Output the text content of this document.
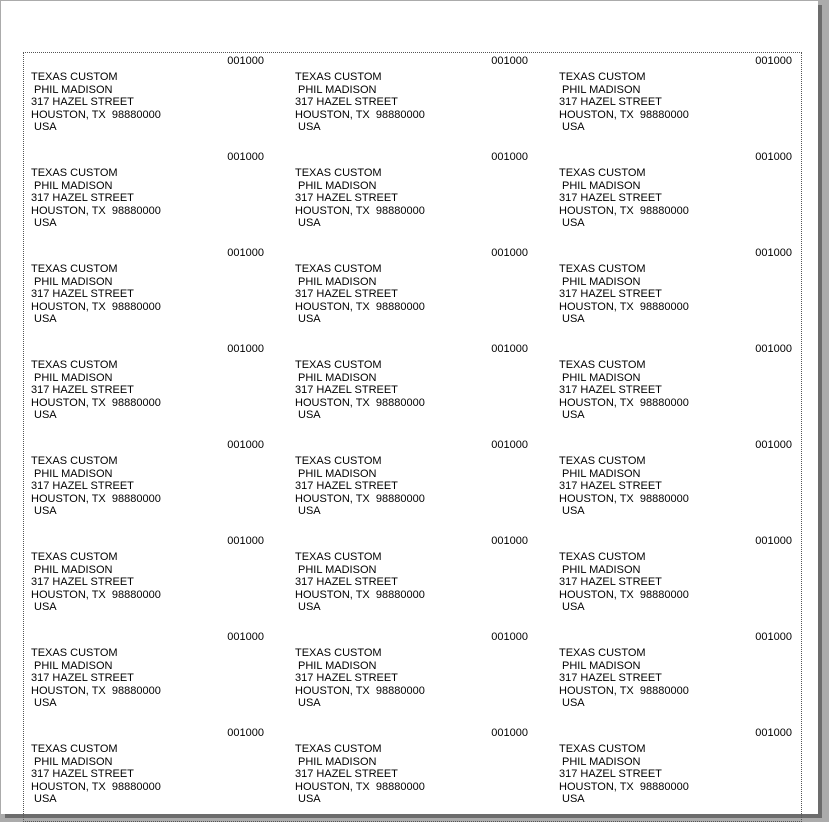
001000
TEXAS CUSTOM
PHIL MADISON
317 HAZEL STREET
HOUSTON, TX  98880000
USA
001000
TEXAS CUSTOM
PHIL MADISON
317 HAZEL STREET
HOUSTON, TX  98880000
USA
001000
TEXAS CUSTOM
PHIL MADISON
317 HAZEL STREET
HOUSTON, TX  98880000
USA
001000
TEXAS CUSTOM
PHIL MADISON
317 HAZEL STREET
HOUSTON, TX  98880000
USA
001000
TEXAS CUSTOM
PHIL MADISON
317 HAZEL STREET
HOUSTON, TX  98880000
USA
001000
TEXAS CUSTOM
PHIL MADISON
317 HAZEL STREET
HOUSTON, TX  98880000
USA
001000
TEXAS CUSTOM
PHIL MADISON
317 HAZEL STREET
HOUSTON, TX  98880000
USA
001000
TEXAS CUSTOM
PHIL MADISON
317 HAZEL STREET
HOUSTON, TX  98880000
USA
001000
TEXAS CUSTOM
PHIL MADISON
317 HAZEL STREET
HOUSTON, TX  98880000
USA
001000
TEXAS CUSTOM
PHIL MADISON
317 HAZEL STREET
HOUSTON, TX  98880000
USA
001000
TEXAS CUSTOM
PHIL MADISON
317 HAZEL STREET
HOUSTON, TX  98880000
USA
001000
TEXAS CUSTOM
PHIL MADISON
317 HAZEL STREET
HOUSTON, TX  98880000
USA
001000
TEXAS CUSTOM
PHIL MADISON
317 HAZEL STREET
HOUSTON, TX  98880000
USA
001000
TEXAS CUSTOM
PHIL MADISON
317 HAZEL STREET
HOUSTON, TX  98880000
USA
001000
TEXAS CUSTOM
PHIL MADISON
317 HAZEL STREET
HOUSTON, TX  98880000
USA
001000
TEXAS CUSTOM
PHIL MADISON
317 HAZEL STREET
HOUSTON, TX  98880000
USA
001000
TEXAS CUSTOM
PHIL MADISON
317 HAZEL STREET
HOUSTON, TX  98880000
USA
001000
TEXAS CUSTOM
PHIL MADISON
317 HAZEL STREET
HOUSTON, TX  98880000
USA
001000
TEXAS CUSTOM
PHIL MADISON
317 HAZEL STREET
HOUSTON, TX  98880000
USA
001000
TEXAS CUSTOM
PHIL MADISON
317 HAZEL STREET
HOUSTON, TX  98880000
USA
001000
TEXAS CUSTOM
PHIL MADISON
317 HAZEL STREET
HOUSTON, TX  98880000
USA
001000
TEXAS CUSTOM
PHIL MADISON
317 HAZEL STREET
HOUSTON, TX  98880000
USA
001000
TEXAS CUSTOM
PHIL MADISON
317 HAZEL STREET
HOUSTON, TX  98880000
USA
001000
TEXAS CUSTOM
PHIL MADISON
317 HAZEL STREET
HOUSTON, TX  98880000
USA
